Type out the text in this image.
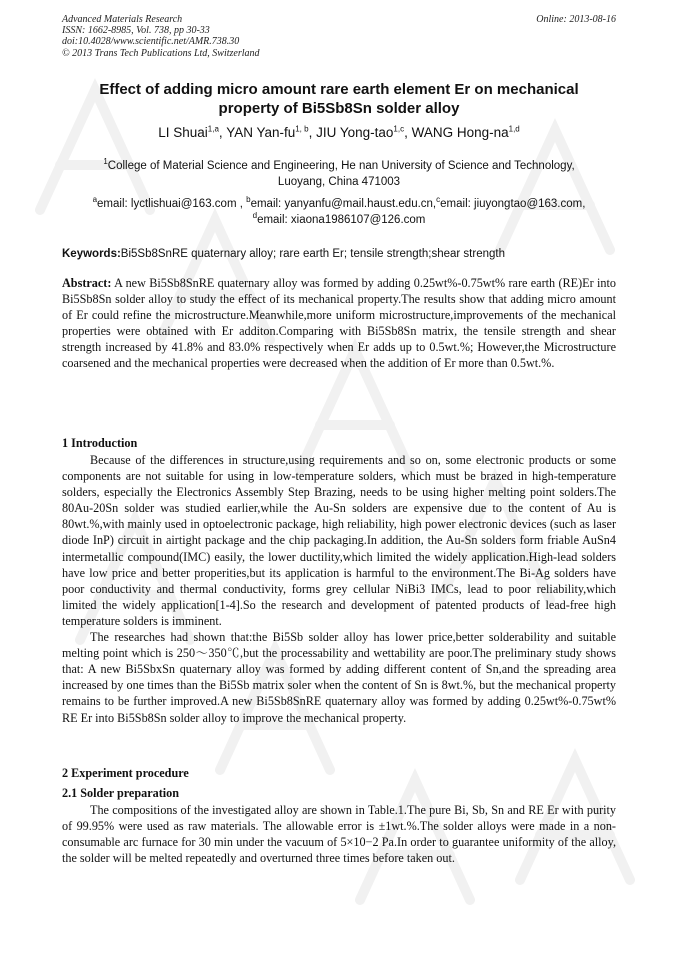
Advanced Materials Research
ISSN: 1662-8985, Vol. 738, pp 30-33
doi:10.4028/www.scientific.net/AMR.738.30
© 2013 Trans Tech Publications Ltd, Switzerland
Online: 2013-08-16
Effect of adding micro amount rare earth element Er on mechanical
property of Bi5Sb8Sn solder alloy
LI Shuai$^{1,a}$, YAN Yan-fu$^{1, b}$, JIU Yong-tao$^{1,c}$, WANG Hong-na$^{1,d}$
$^1$College of Material Science and Engineering, He nan University of Science and Technology,
Luoyang, China 471003
$^a$email: lyctlishuai@163.com , $^b$email: yanyanfu@mail.haust.edu.cn,$^c$email: jiuyongtao@163.com,
$^d$email: xiaona1986107@126.com
Keywords:Bi5Sb8SnRE quaternary alloy; rare earth Er; tensile strength;shear strength

Abstract: A new Bi5Sb8SnRE quaternary alloy was formed by adding 0.25wt%-0.75wt% rare earth (RE)Er into Bi5Sb8Sn solder alloy to study the effect of its mechanical property.The results show that adding micro amount of Er could refine the microstructure.Meanwhile,more uniform microstructure,improvements of the mechanical properties were obtained with Er additon.Comparing with Bi5Sb8Sn matrix, the tensile strength and shear strength increased by 41.8% and 83.0% respectively when Er adds up to 0.5wt.%; However,the Microstructure coarsened and the mechanical properties were decreased when the addition of Er more than 0.5wt.%.

1 Introduction

Because of the differences in structure,using requirements and so on, some electronic products or some components are not suitable for using in low-temperature solders, which must be brazed in high-temperature solders, especially the Electronics Assembly Step Brazing, needs to be using higher melting point solders.The 80Au-20Sn solder was studied earlier,while the Au-Sn solders are expensive due to the content of Au is 80wt.%,with mainly used in optoelectronic package, high reliability, high power electronic devices (such as laser diode InP) circuit in airtight package and the chip packaging.In addition, the Au-Sn solders form friable AuSn4 intermetallic compound(IMC) easily, the lower ductility,which limited the widely application.High-lead solders have low price and better properities,but its application is harmful to the environment.The Bi-Ag solders have poor conductivity and thermal conductivity, forms grey cellular NiBi3 IMCs, lead to poor reliability,which limited the widely application[1-4].So the research and development of patented products of lead-free high temperature solders is imminent.

The researches had shown that:the Bi5Sb solder alloy has lower price,better solderability and suitable melting point which is 250～350℃,but the processability and wettability are poor.The preliminary study shows that: A new Bi5SbxSn quaternary alloy was formed by adding different content of Sn,and the spreading area increased by one times than the Bi5Sb matrix soler when the content of Sn is 8wt.%, but the mechanical property remains to be further improved.A new Bi5Sb8SnRE quaternary alloy was formed by adding 0.25wt%-0.75wt% RE Er into Bi5Sb8Sn solder alloy to improve the mechanical property.

2 Experiment procedure
2.1 Solder preparation

The compositions of the investigated alloy are shown in Table.1.The pure Bi, Sb, Sn and RE Er with purity of 99.95% were used as raw materials. The allowable error is ±1wt.%.The solder alloys were made in a non-consumable arc furnace for 30 min under the vacuum of 5×10−2 Pa.In order to guarantee uniformity of the alloy, the solder will be melted repeatedly and overturned three times before taken out.
